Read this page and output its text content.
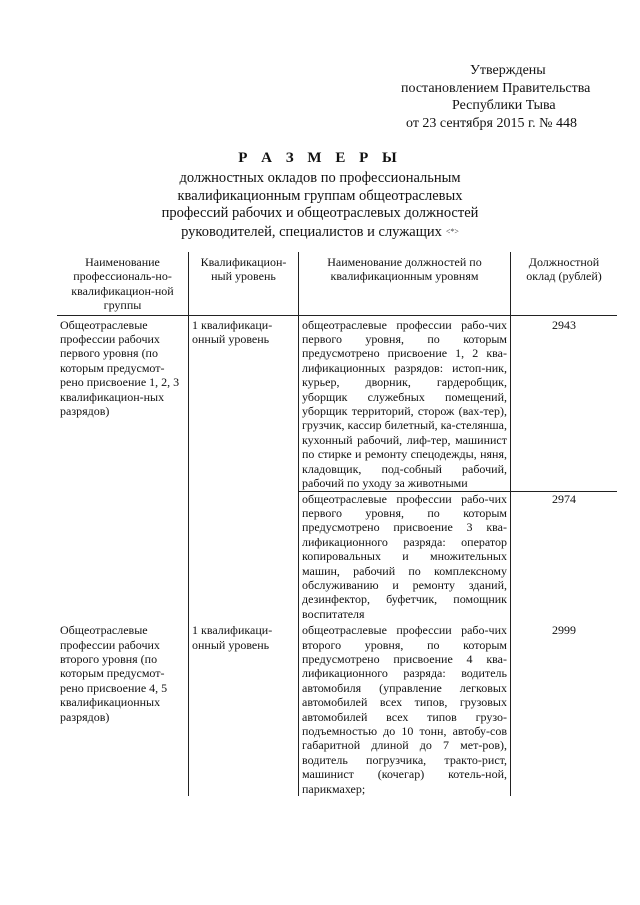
Утверждены
постановлением Правительства
Республики Тыва
от 23 сентября 2015 г. № 448
Р А З М Е Р Ы
должностных окладов по профессиональным квалификационным группам общеотраслевых профессий рабочих и общеотраслевых должностей руководителей, специалистов и служащих <*>
Наименование профессиональ-но-квалификацион-ной группы	Квалификацион-ный уровень	Наименование должностей по квалификационным уровням	Должностной оклад (рублей)
Общеотраслевые профессии рабочих первого уровня (по которым предусмот-рено присвоение 1, 2, 3 квалификацион-ных разрядов)	1 квалификаци-онный уровень	общеотраслевые профессии рабо-чих первого уровня, по которым предусмотрено присвоение 1, 2 ква-лификационных разрядов: истоп-ник, курьер, дворник, гардеробщик, уборщик служебных помещений, уборщик территорий, сторож (вах-тер), грузчик, кассир билетный, ка-стелянша, кухонный рабочий, лиф-тер, машинист по стирке и ремонту спецодежды, няня, кладовщик, под-собный рабочий, рабочий по уходу за животными	2943
		общеотраслевые профессии рабо-чих первого уровня, по которым предусмотрено присвоение 3 ква-лификационного разряда: оператор копировальных и множительных машин, рабочий по комплексному обслуживанию и ремонту зданий, дезинфектор, буфетчик, помощник воспитателя	2974
Общеотраслевые профессии рабочих второго уровня (по которым предусмот-рено присвоение 4, 5 квалификационных разрядов)	1 квалификаци-онный уровень	общеотраслевые профессии рабо-чих второго уровня, по которым предусмотрено присвоение 4 ква-лификационного разряда: водитель автомобиля (управление легковых автомобилей всех типов, грузовых автомобилей всех типов грузо-подъемностью до 10 тонн, автобу-сов габаритной длиной до 7 мет-ров), водитель погрузчика, тракто-рист, машинист (кочегар) котель-ной, парикмахер;	2999
